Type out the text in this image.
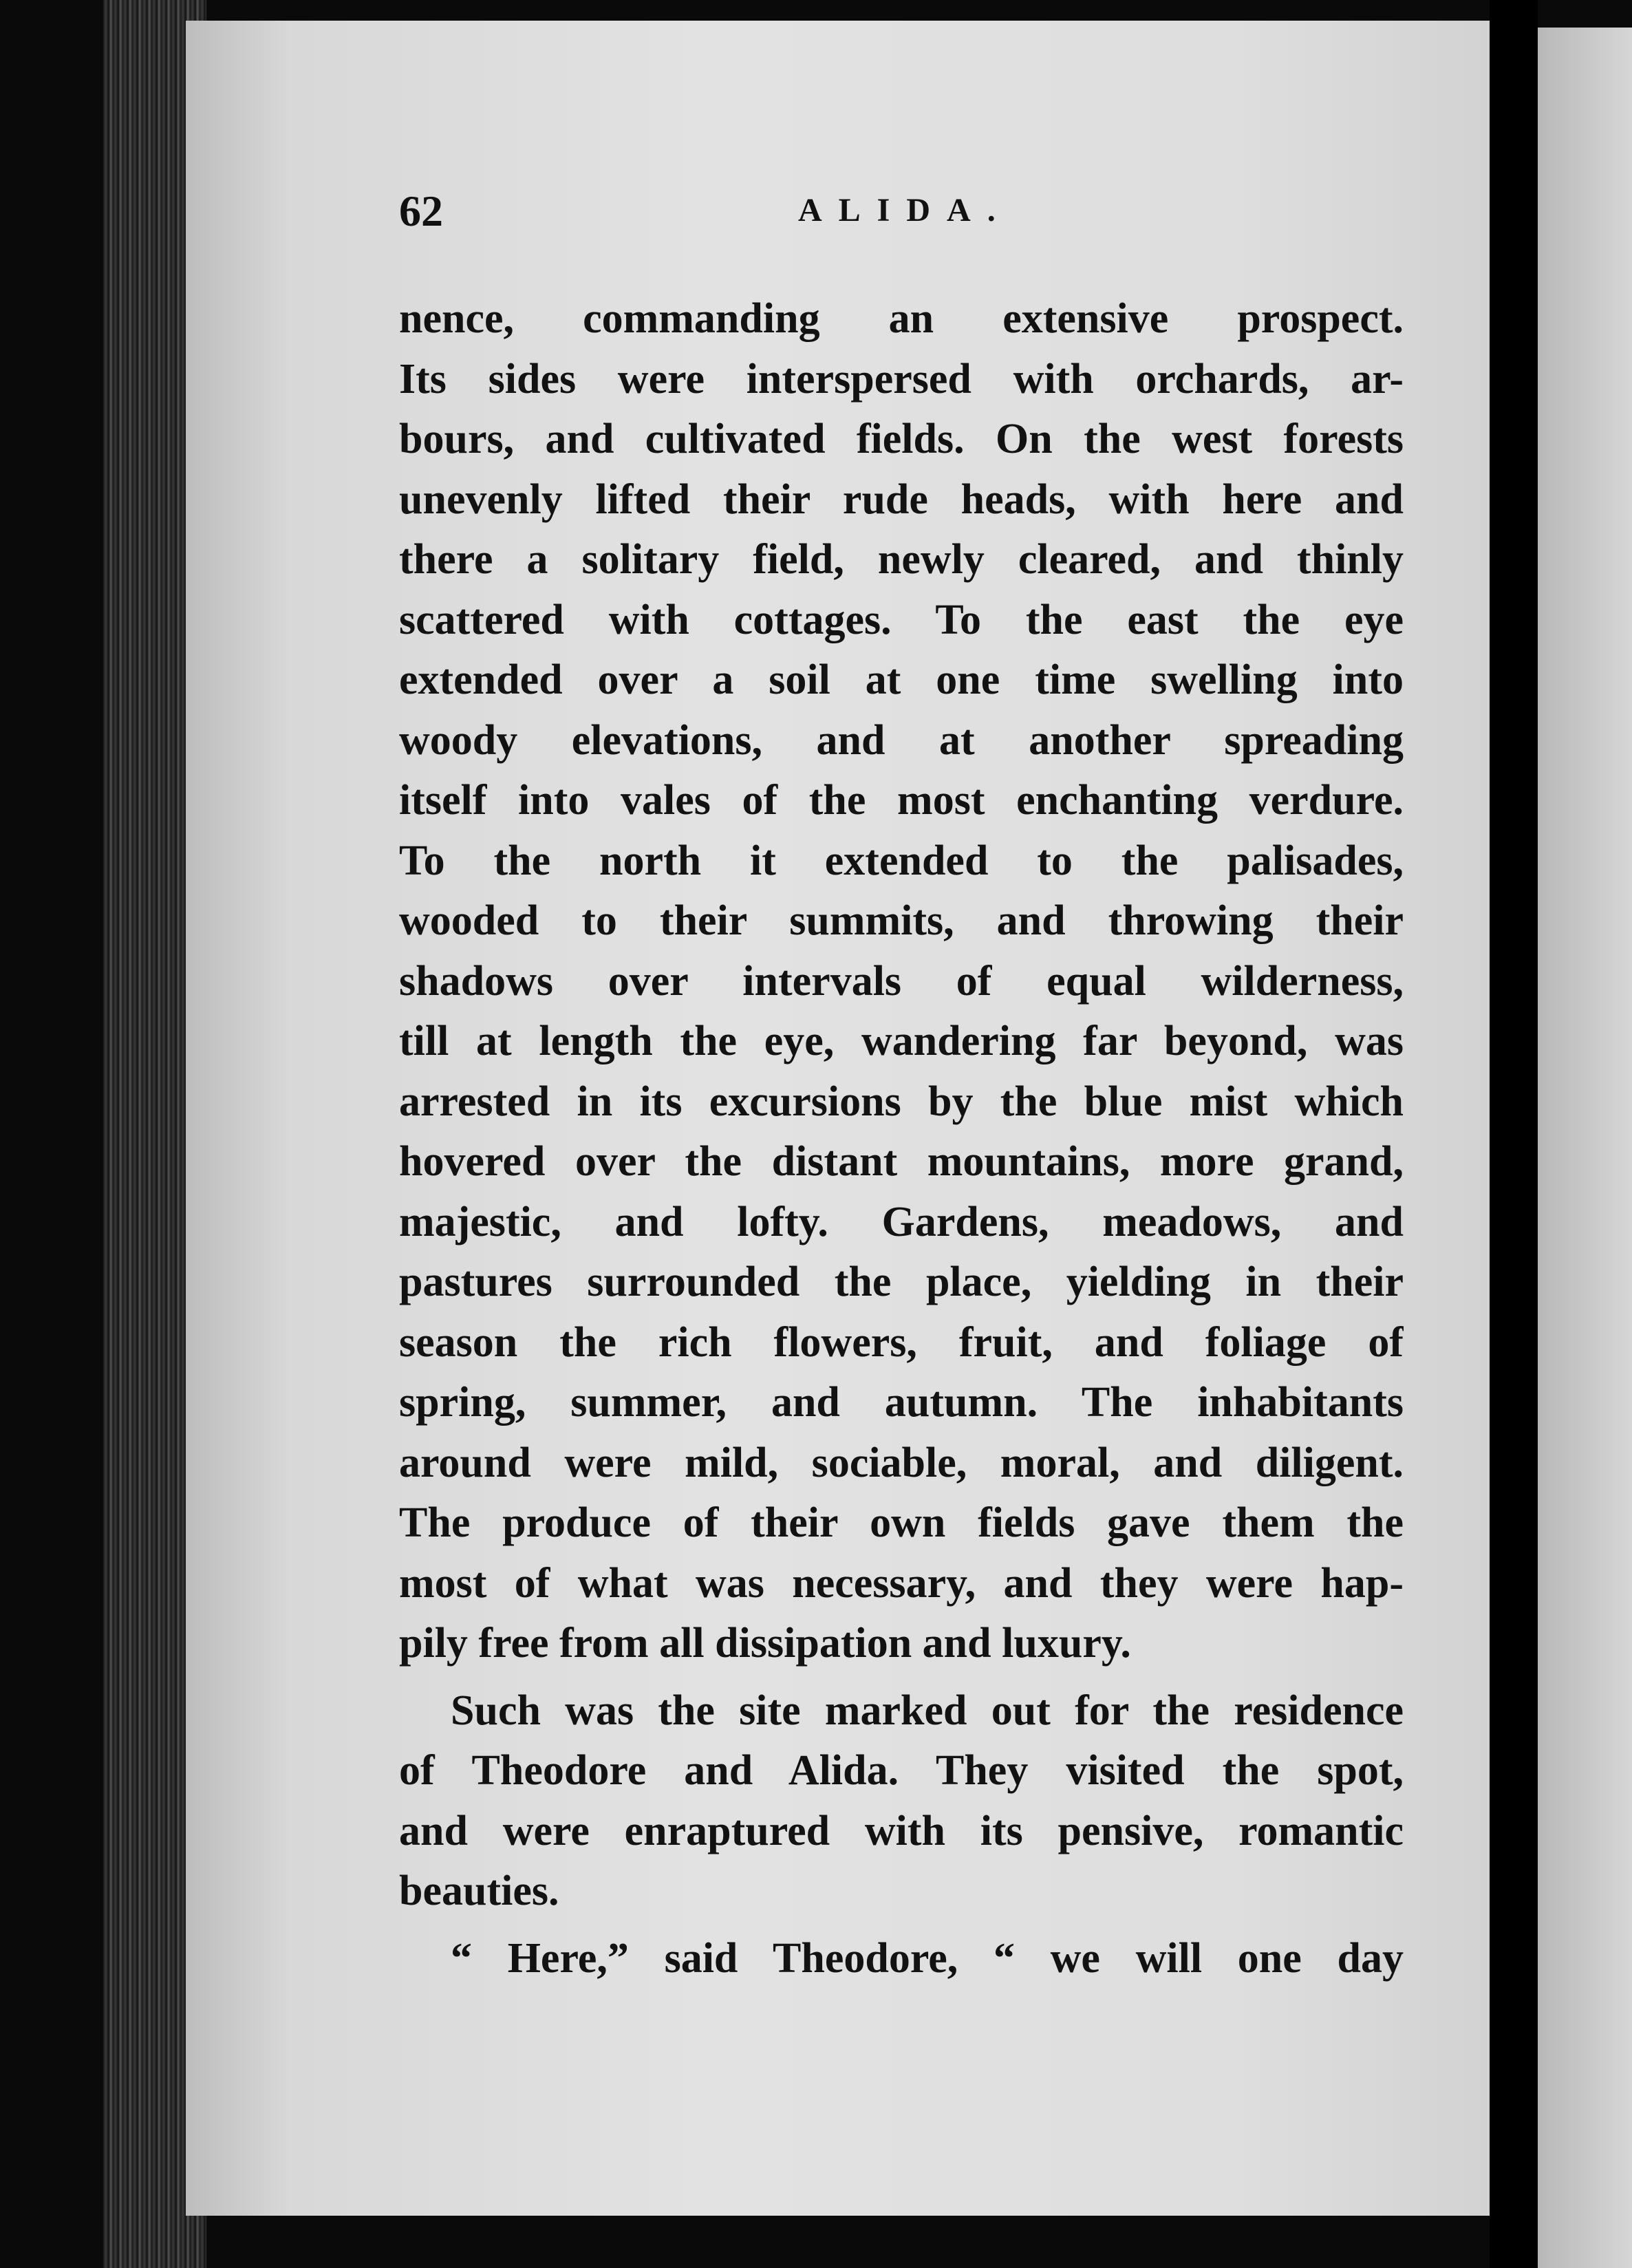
62	ALIDA.
nence, commanding an extensive prospect.
Its sides were interspersed with orchards, ar-
bours, and cultivated fields. On the west forests
unevenly lifted their rude heads, with here and
there a solitary field, newly cleared, and thinly
scattered with cottages. To the east the eye
extended over a soil at one time swelling into
woody elevations, and at another spreading
itself into vales of the most enchanting verdure.
To the north it extended to the palisades,
wooded to their summits, and throwing their
shadows over intervals of equal wilderness,
till at length the eye, wandering far beyond, was
arrested in its excursions by the blue mist which
hovered over the distant mountains, more grand,
majestic, and lofty. Gardens, meadows, and
pastures surrounded the place, yielding in their
season the rich flowers, fruit, and foliage of
spring, summer, and autumn. The inhabitants
around were mild, sociable, moral, and diligent.
The produce of their own fields gave them the
most of what was necessary, and they were hap-
pily free from all dissipation and luxury.
Such was the site marked out for the residence
of Theodore and Alida. They visited the spot,
and were enraptured with its pensive, romantic
beauties.
“ Here,” said Theodore, “ we will one day
